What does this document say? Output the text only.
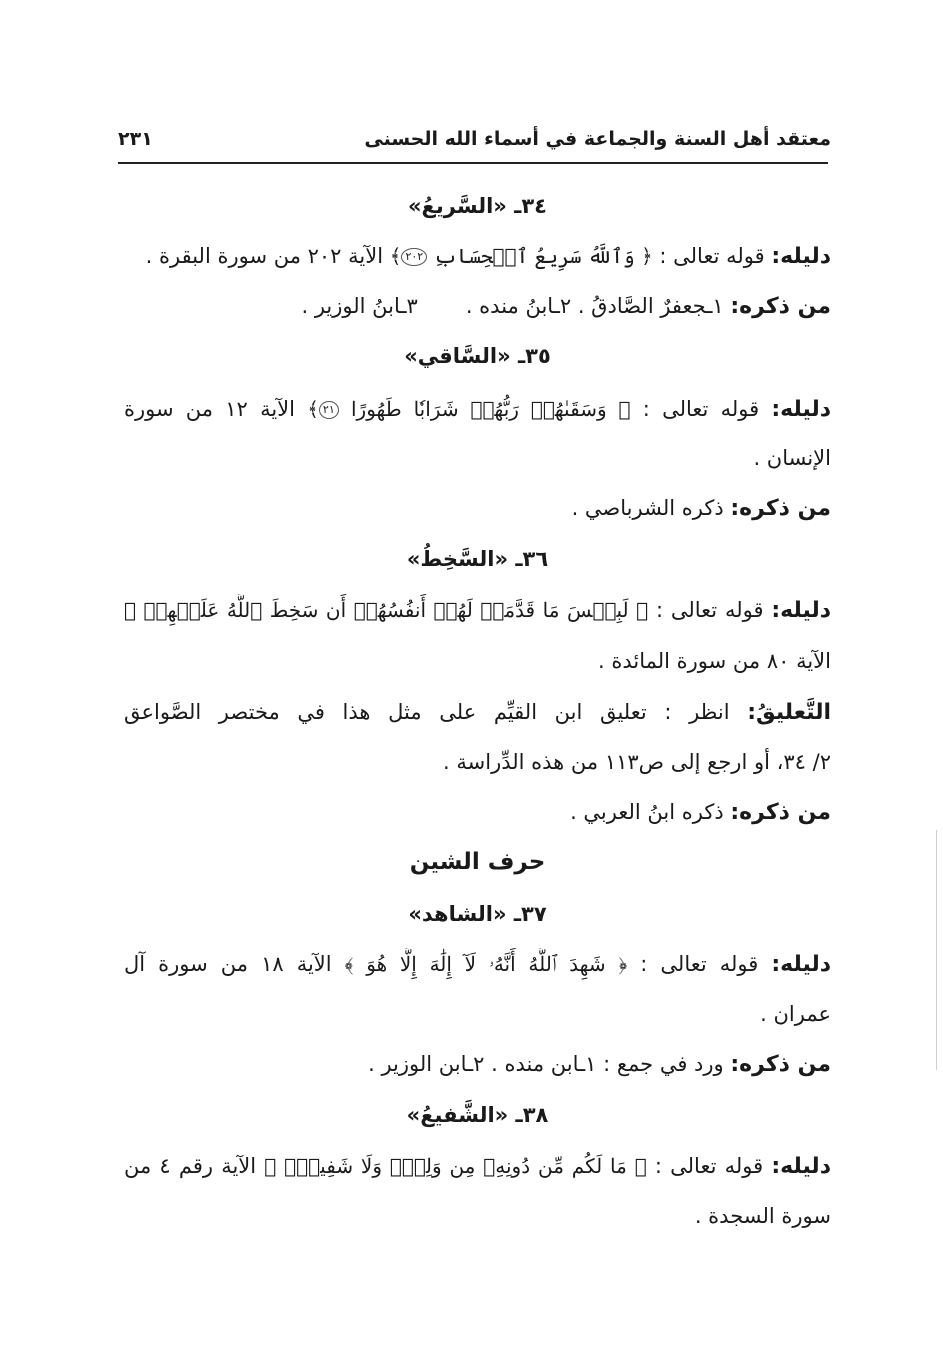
معتقد أهل السنة والجماعة في أسماء الله الحسنى
٢٣١
٣٤ـ «السَّريعُ»
دليله: قوله تعالى : ﴿ وَٱللَّهُ سَرِيعُ ٱلۡحِسَابِ ٢٠٢﴾ الآية ٢٠٢ من سورة البقرة .
من ذكره: ١ـجعفرٌ الصَّادقُ . ٢ـابنُ منده .٣ـابنُ الوزير .
٣٥ـ «السَّاقي»
دليله: قوله تعالى : ﴿ وَسَقَىٰهُمۡ رَبُّهُمۡ شَرَابٗا طَهُورًا ٢١﴾ الآية ١٢ من سورة
الإنسان .
من ذكره: ذكره الشرباصي .
٣٦ـ «السَّخِطُ»
دليله: قوله تعالى : ﴿ لَبِئۡسَ مَا قَدَّمَتۡ لَهُمۡ أَنفُسُهُمۡ أَن سَخِطَ ٱللَّهُ عَلَيۡهِمۡ ﴾
الآية ٨٠ من سورة المائدة .
التَّعليقُ: انظر : تعليق ابن القيِّم على مثل هذا في مختصر الصَّواعق
٢/ ٣٤، أو ارجع إلى ص١١٣ من هذه الدِّراسة .
من ذكره: ذكره ابنُ العربي .
حرف الشين
٣٧ـ «الشاهد»
دليله: قوله تعالى : ﴿ شَهِدَ ٱللَّهُ أَنَّهُۥ لَآ إِلَٰهَ إِلَّا هُوَ ﴾ الآية ١٨ من سورة آل
عمران .
من ذكره: ورد في جمع : ١ـابن منده . ٢ـابن الوزير .
٣٨ـ «الشَّفيعُ»
دليله: قوله تعالى : ﴿ مَا لَكُم مِّن دُونِهِۦ مِن وَلِيّٖ وَلَا شَفِيعٍۚ ﴾ الآية رقم ٤ من
سورة السجدة .
